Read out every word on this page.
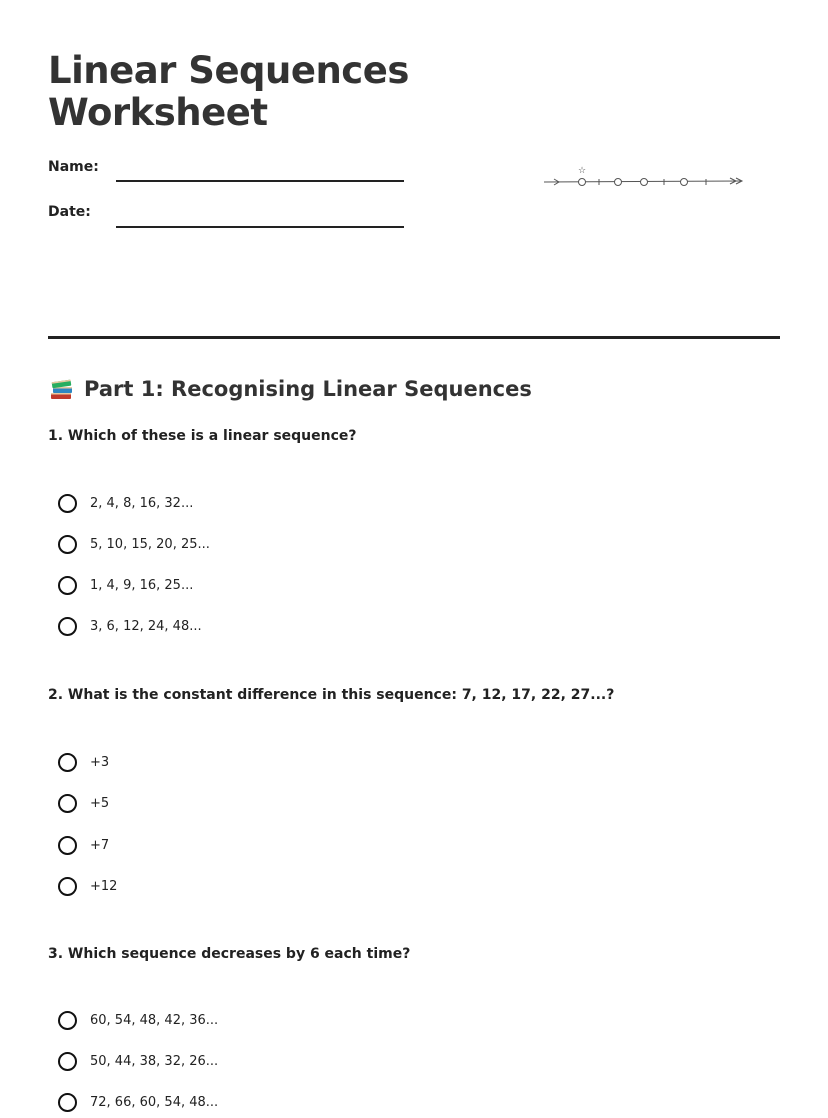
Linear Sequences Worksheet
Name:
Date:
☆
Part 1: Recognising Linear Sequences
1. Which of these is a linear sequence?
2, 4, 8, 16, 32...
5, 10, 15, 20, 25...
1, 4, 9, 16, 25...
3, 6, 12, 24, 48...
2. What is the constant difference in this sequence: 7, 12, 17, 22, 27...?
+3
+5
+7
+12
3. Which sequence decreases by 6 each time?
60, 54, 48, 42, 36...
50, 44, 38, 32, 26...
72, 66, 60, 54, 48...
